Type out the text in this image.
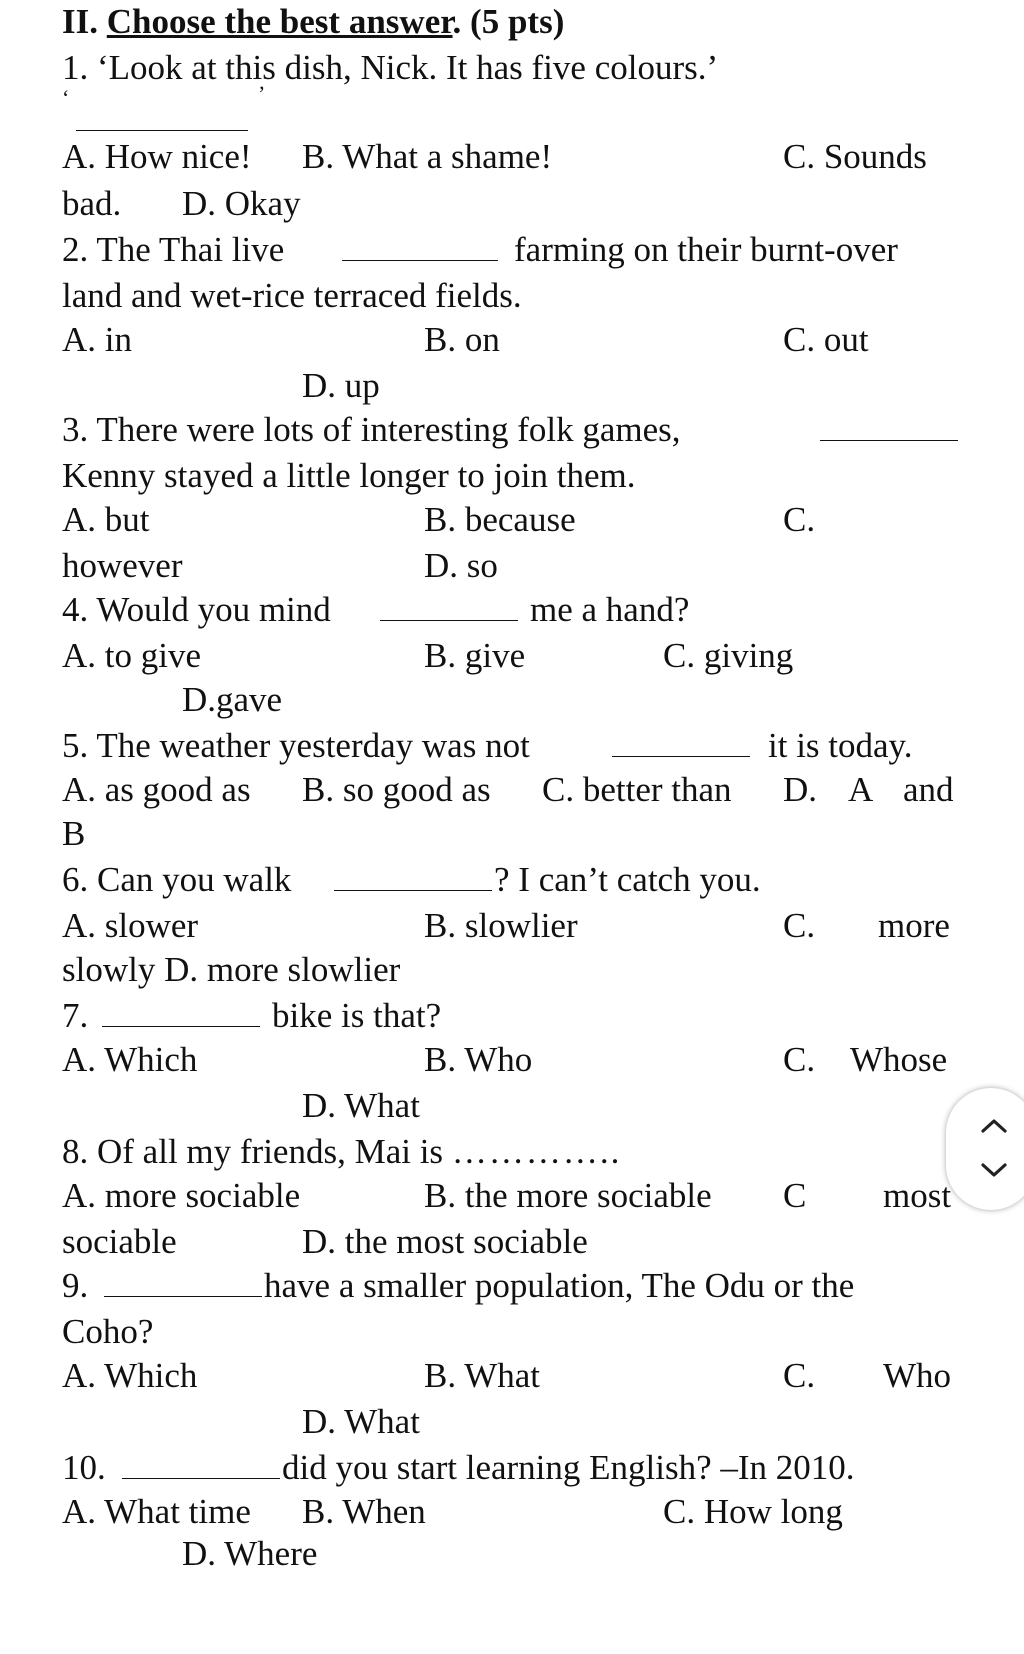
II. Choose the best answer. (5 pts)
1. ‘Look at this dish, Nick. It has five colours.’
‘	’
A. How nice! B. What a shame!	C. Sounds
bad. D. Okay
2. The Thai live	farming on their burnt-over
land and wet-rice terraced fields.
A. in	B. on	C. out
D. up
3. There were lots of interesting folk games,
Kenny stayed a little longer to join them.
A. but	B. because	C.
however	D. so
4. Would you mind	me a hand?
A. to give	B. give	C. giving
D.gave
5. The weather yesterday was not	it is today.
A. as good as B. so good as C. better than D. A and
B
6. Can you walk	? I can’t catch you.
A. slower	B. slowlier	C. more
slowly D. more slowlier
7.	bike is that?
A. Which	B. Who	C. Whose
D. What
8. Of all my friends, Mai is …………..
A. more sociable	B. the more sociable C most
sociable	D. the most sociable
9.	have a smaller population, The Odu or the
Coho?
A. Which	B. What	C. Who
D. What
10.	did you start learning English? –In 2010.
A. What time B. When	C. How long
D. Where
